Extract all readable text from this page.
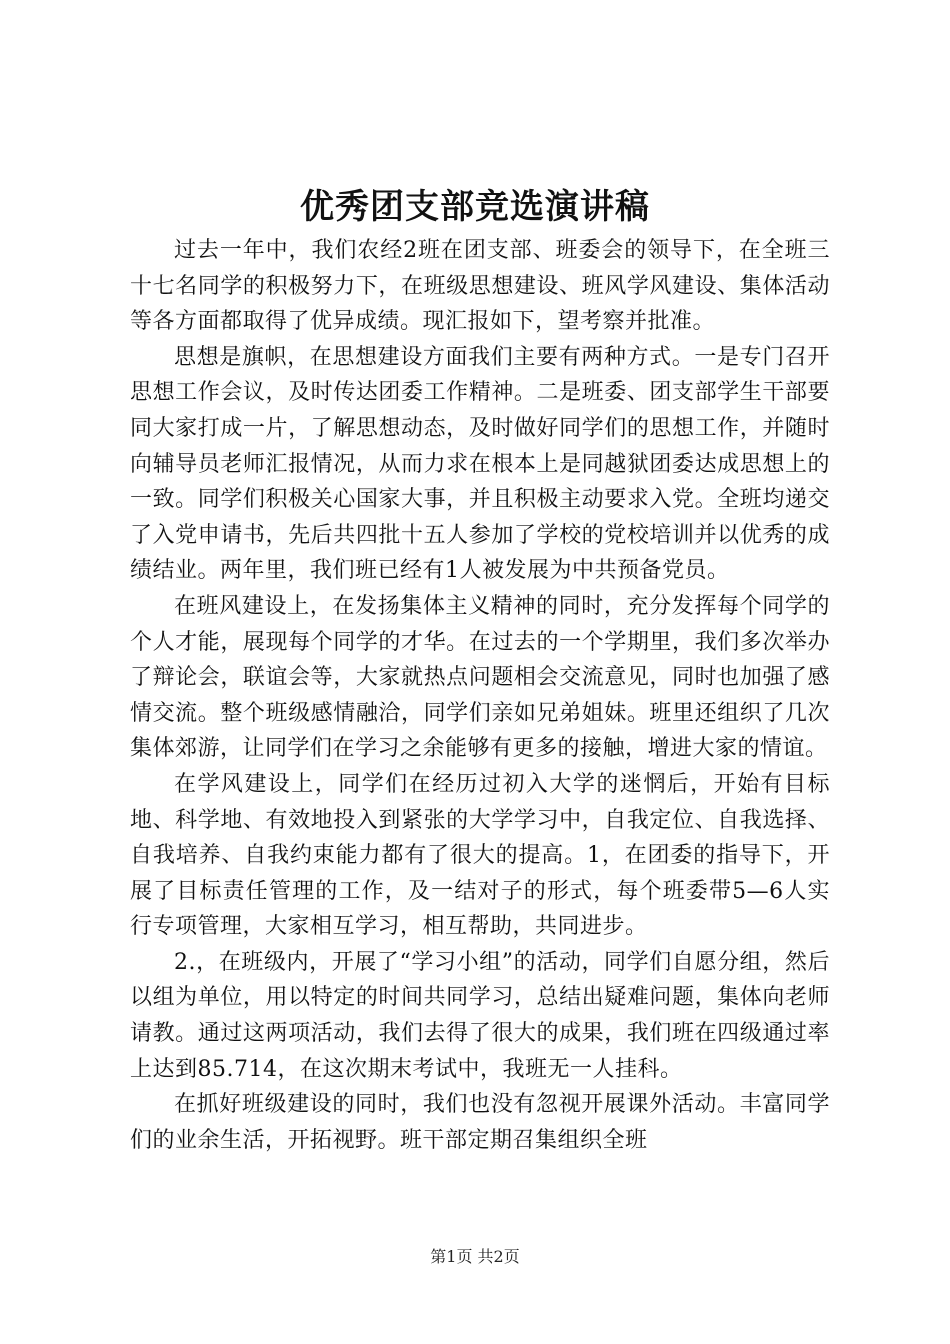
优秀团支部竞选演讲稿

过去一年中，我们农经2班在团支部、班委会的领导下，在全班三十七名同学的积极努力下，在班级思想建设、班风学风建设、集体活动等各方面都取得了优异成绩。现汇报如下，望考察并批准。

思想是旗帜，在思想建设方面我们主要有两种方式。一是专门召开思想工作会议，及时传达团委工作精神。二是班委、团支部学生干部要同大家打成一片，了解思想动态，及时做好同学们的思想工作，并随时向辅导员老师汇报情况，从而力求在根本上是同越狱团委达成思想上的一致。同学们积极关心国家大事，并且积极主动要求入党。全班均递交了入党申请书，先后共四批十五人参加了学校的党校培训并以优秀的成绩结业。两年里，我们班已经有1人被发展为中共预备党员。

在班风建设上，在发扬集体主义精神的同时，充分发挥每个同学的个人才能，展现每个同学的才华。在过去的一个学期里，我们多次举办了辩论会，联谊会等，大家就热点问题相会交流意见，同时也加强了感情交流。整个班级感情融洽，同学们亲如兄弟姐妹。班里还组织了几次集体郊游，让同学们在学习之余能够有更多的接触，增进大家的情谊。

在学风建设上，同学们在经历过初入大学的迷惘后，开始有目标地、科学地、有效地投入到紧张的大学学习中，自我定位、自我选择、自我培养、自我约束能力都有了很大的提高。1，在团委的指导下，开展了目标责任管理的工作，及一结对子的形式，每个班委带5—6人实行专项管理，大家相互学习，相互帮助，共同进步。

2.，在班级内，开展了“学习小组”的活动，同学们自愿分组，然后以组为单位，用以特定的时间共同学习，总结出疑难问题，集体向老师请教。通过这两项活动，我们去得了很大的成果，我们班在四级通过率上达到85.714，在这次期末考试中，我班无一人挂科。

在抓好班级建设的同时，我们也没有忽视开展课外活动。丰富同学们的业余生活，开拓视野。班干部定期召集组织全班

第1页 共2页
